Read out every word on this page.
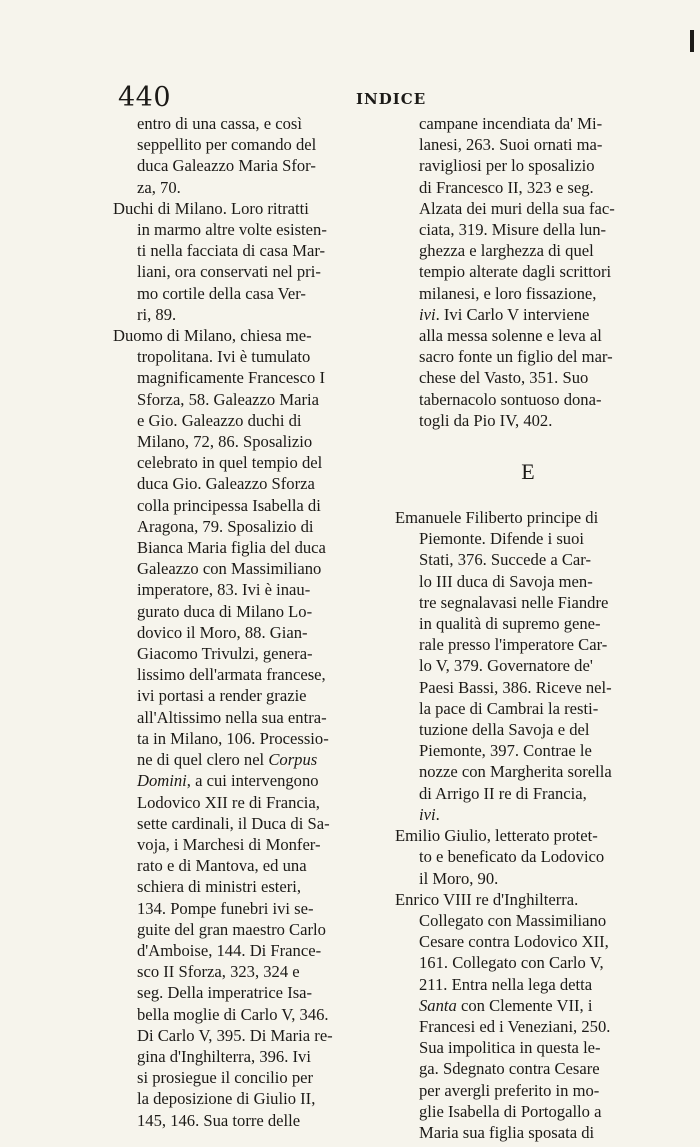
440	INDICE
entro di una cassa, e così
seppellito per comando del
duca Galeazzo Maria Sfor-
za, 70.
Duchi di Milano. Loro ritratti
in marmo altre volte esisten-
ti nella facciata di casa Mar-
liani, ora conservati nel pri-
mo cortile della casa Ver-
ri, 89.
Duomo di Milano, chiesa me-
tropolitana. Ivi è tumulato
magnificamente Francesco I
Sforza, 58. Galeazzo Maria
e Gio. Galeazzo duchi di
Milano, 72, 86. Sposalizio
celebrato in quel tempio del
duca Gio. Galeazzo Sforza
colla principessa Isabella di
Aragona, 79. Sposalizio di
Bianca Maria figlia del duca
Galeazzo con Massimiliano
imperatore, 83. Ivi è inau-
gurato duca di Milano Lo-
dovico il Moro, 88. Gian-
Giacomo Trivulzi, genera-
lissimo dell'armata francese,
ivi portasi a render grazie
all'Altissimo nella sua entra-
ta in Milano, 106. Processio-
ne di quel clero nel Corpus
Domini, a cui intervengono
Lodovico XII re di Francia,
sette cardinali, il Duca di Sa-
voja, i Marchesi di Monfer-
rato e di Mantova, ed una
schiera di ministri esteri,
134. Pompe funebri ivi se-
guite del gran maestro Carlo
d'Amboise, 144. Di France-
sco II Sforza, 323, 324 e
seg. Della imperatrice Isa-
bella moglie di Carlo V, 346.
Di Carlo V, 395. Di Maria re-
gina d'Inghilterra, 396. Ivi
si prosiegue il concilio per
la deposizione di Giulio II,
145, 146. Sua torre delle
campane incendiata da' Mi-
lanesi, 263. Suoi ornati ma-
ravigliosi per lo sposalizio
di Francesco II, 323 e seg.
Alzata dei muri della sua fac-
ciata, 319. Misure della lun-
ghezza e larghezza di quel
tempio alterate dagli scrittori
milanesi, e loro fissazione,
ivi. Ivi Carlo V interviene
alla messa solenne e leva al
sacro fonte un figlio del mar-
chese del Vasto, 351. Suo
tabernacolo sontuoso dona-
togli da Pio IV, 402.
E
Emanuele Filiberto principe di
Piemonte. Difende i suoi
Stati, 376. Succede a Car-
lo III duca di Savoja men-
tre segnalavasi nelle Fiandre
in qualità di supremo gene-
rale presso l'imperatore Car-
lo V, 379. Governatore de'
Paesi Bassi, 386. Riceve nel-
la pace di Cambrai la resti-
tuzione della Savoja e del
Piemonte, 397. Contrae le
nozze con Margherita sorella
di Arrigo II re di Francia,
ivi.
Emilio Giulio, letterato protet-
to e beneficato da Lodovico
il Moro, 90.
Enrico VIII re d'Inghilterra.
Collegato con Massimiliano
Cesare contra Lodovico XII,
161. Collegato con Carlo V,
211. Entra nella lega detta
Santa con Clemente VII, i
Francesi ed i Veneziani, 250.
Sua impolitica in questa le-
ga. Sdegnato contra Cesare
per avergli preferito in mo-
glie Isabella di Portogallo a
Maria sua figlia sposata di
